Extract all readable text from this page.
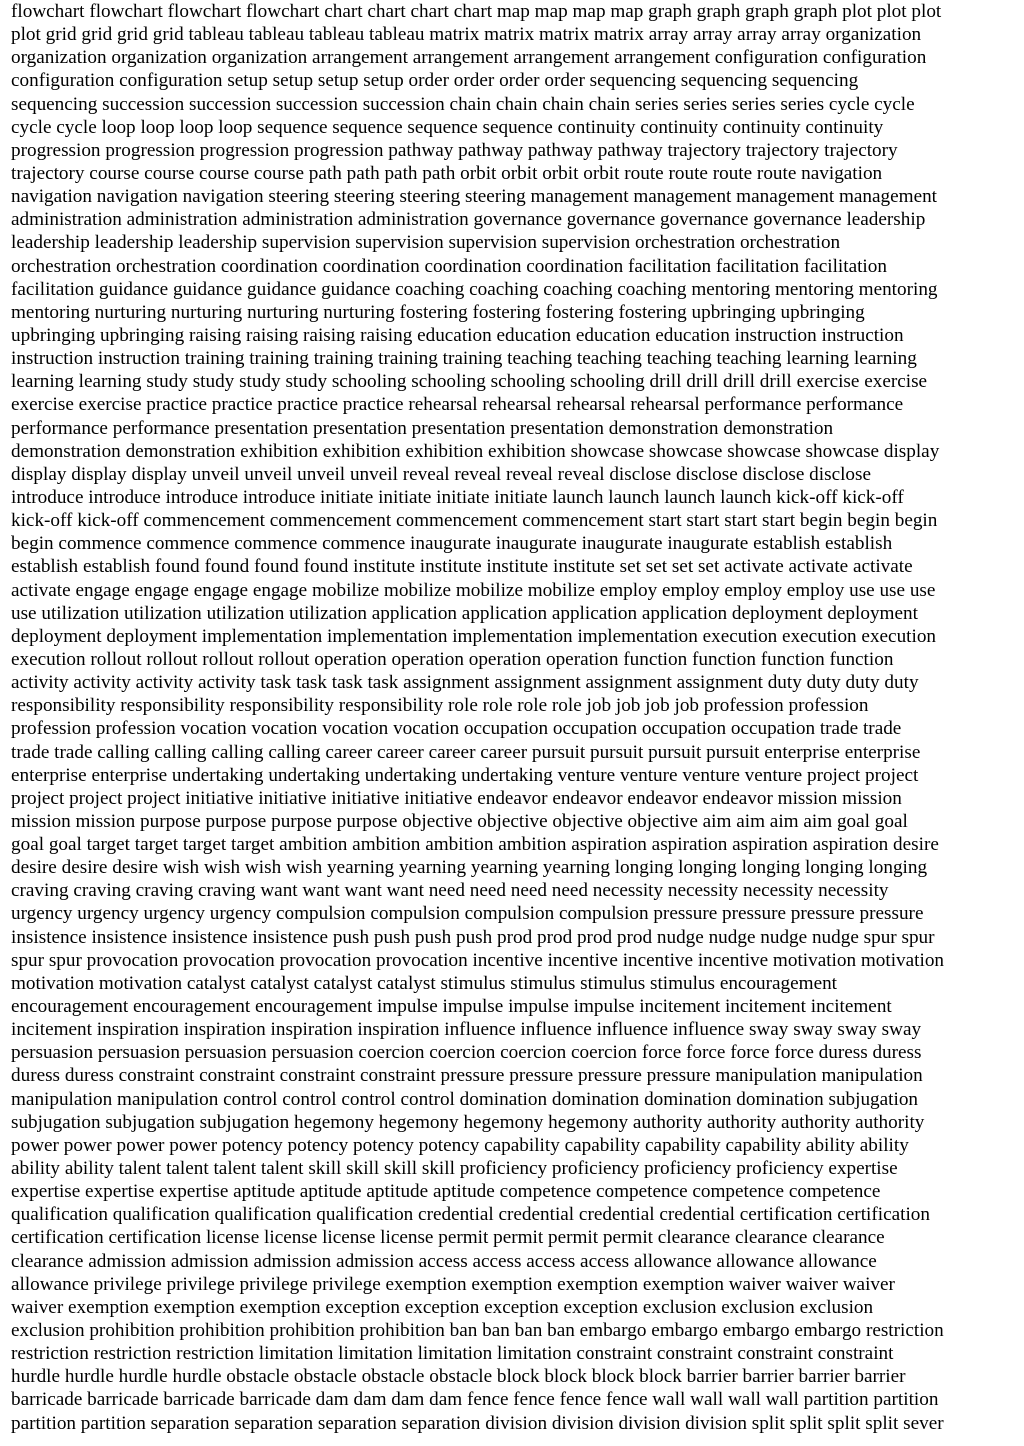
flowchart flowchart flowchart flowchart chart chart chart chart map map map map graph graph graph graph plot plot plot
plot grid grid grid grid tableau tableau tableau tableau matrix matrix matrix matrix array array array array organization
organization organization organization arrangement arrangement arrangement arrangement configuration configuration
configuration configuration setup setup setup setup order order order order sequencing sequencing sequencing
sequencing succession succession succession succession chain chain chain chain series series series series cycle cycle
cycle cycle loop loop loop loop sequence sequence sequence sequence continuity continuity continuity continuity
progression progression progression progression pathway pathway pathway pathway trajectory trajectory trajectory
trajectory course course course course path path path path orbit orbit orbit orbit route route route route navigation
navigation navigation navigation steering steering steering steering management management management management
administration administration administration administration governance governance governance governance leadership
leadership leadership leadership supervision supervision supervision supervision orchestration orchestration
orchestration orchestration coordination coordination coordination coordination facilitation facilitation facilitation
facilitation guidance guidance guidance guidance coaching coaching coaching coaching mentoring mentoring mentoring
mentoring nurturing nurturing nurturing nurturing fostering fostering fostering fostering upbringing upbringing
upbringing upbringing raising raising raising raising education education education education instruction instruction
instruction instruction training training training training training teaching teaching teaching teaching learning learning
learning learning study study study study schooling schooling schooling schooling drill drill drill drill exercise exercise
exercise exercise practice practice practice practice rehearsal rehearsal rehearsal rehearsal performance performance
performance performance presentation presentation presentation presentation demonstration demonstration
demonstration demonstration exhibition exhibition exhibition exhibition showcase showcase showcase showcase display
display display display unveil unveil unveil unveil reveal reveal reveal reveal disclose disclose disclose disclose
introduce introduce introduce introduce initiate initiate initiate initiate launch launch launch launch kick-off kick-off
kick-off kick-off commencement commencement commencement commencement start start start start begin begin begin
begin commence commence commence commence inaugurate inaugurate inaugurate inaugurate establish establish
establish establish found found found found institute institute institute institute set set set set activate activate activate
activate engage engage engage engage mobilize mobilize mobilize mobilize employ employ employ employ use use use
use utilization utilization utilization utilization application application application application deployment deployment
deployment deployment implementation implementation implementation implementation execution execution execution
execution rollout rollout rollout rollout operation operation operation operation function function function function
activity activity activity activity task task task task assignment assignment assignment assignment duty duty duty duty
responsibility responsibility responsibility responsibility role role role role job job job job profession profession
profession profession vocation vocation vocation vocation occupation occupation occupation occupation trade trade
trade trade calling calling calling calling career career career career pursuit pursuit pursuit pursuit enterprise enterprise
enterprise enterprise undertaking undertaking undertaking undertaking venture venture venture venture project project
project project project initiative initiative initiative initiative endeavor endeavor endeavor endeavor mission mission
mission mission purpose purpose purpose purpose objective objective objective objective aim aim aim aim goal goal
goal goal target target target target ambition ambition ambition ambition aspiration aspiration aspiration aspiration desire
desire desire desire wish wish wish wish yearning yearning yearning yearning longing longing longing longing longing
craving craving craving craving want want want want need need need need necessity necessity necessity necessity
urgency urgency urgency urgency compulsion compulsion compulsion compulsion pressure pressure pressure pressure
insistence insistence insistence insistence push push push push prod prod prod prod nudge nudge nudge nudge spur spur
spur spur provocation provocation provocation provocation incentive incentive incentive incentive motivation motivation
motivation motivation catalyst catalyst catalyst catalyst stimulus stimulus stimulus stimulus encouragement
encouragement encouragement encouragement impulse impulse impulse impulse incitement incitement incitement
incitement inspiration inspiration inspiration inspiration influence influence influence influence sway sway sway sway
persuasion persuasion persuasion persuasion coercion coercion coercion coercion force force force force duress duress
duress duress constraint constraint constraint constraint pressure pressure pressure pressure manipulation manipulation
manipulation manipulation control control control control domination domination domination domination subjugation
subjugation subjugation subjugation hegemony hegemony hegemony hegemony authority authority authority authority
power power power power potency potency potency potency capability capability capability capability ability ability
ability ability talent talent talent talent skill skill skill skill proficiency proficiency proficiency proficiency expertise
expertise expertise expertise aptitude aptitude aptitude aptitude competence competence competence competence
qualification qualification qualification qualification credential credential credential credential certification certification
certification certification license license license license permit permit permit permit clearance clearance clearance
clearance admission admission admission admission access access access access allowance allowance allowance
allowance privilege privilege privilege privilege exemption exemption exemption exemption waiver waiver waiver
waiver exemption exemption exemption exception exception exception exception exclusion exclusion exclusion
exclusion prohibition prohibition prohibition prohibition ban ban ban ban embargo embargo embargo embargo restriction
restriction restriction restriction limitation limitation limitation limitation constraint constraint constraint constraint
hurdle hurdle hurdle hurdle obstacle obstacle obstacle obstacle block block block block barrier barrier barrier barrier
barricade barricade barricade barricade dam dam dam dam fence fence fence fence wall wall wall wall partition partition
partition partition separation separation separation separation division division division division split split split split sever
